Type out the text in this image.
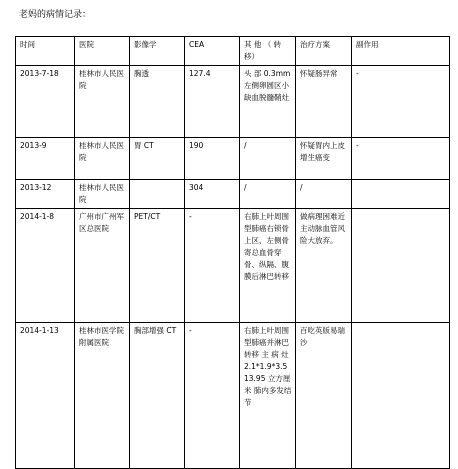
老妈的病情记录：
时间	医院	影像学	CEA	其 他 （ 转 移）	治疗方案	副作用
2013-7-18	桂林市人民医院	胸透	127.4	头 部 0.3mm 左侧卵圆区小缺血脱髓鞘灶	怀疑肠异常	-
2013-9	桂林市人民医院	胃 CT	190	/	怀疑胃内上皮增生癌变	-
2013-12	桂林市人民医院		304	/	/	
2014-1-8	广州市广州军区总医院	PET/CT	-	右肺上叶周围型肺癌右锁骨上区、左侧骨寄总血骨穿骨、纵隔、腹膜后淋巴转移	做病理困难近主动脉血管风险大放弃。	
2014-1-13	桂林市医学院附属医院	胸部增强 CT	-	右肺上叶周围型肺癌并淋巴转移 主 病 灶 2.1*1.9*3.5 13.95 立方厘米 肺内多发结节	百吃英版易瑞沙	
